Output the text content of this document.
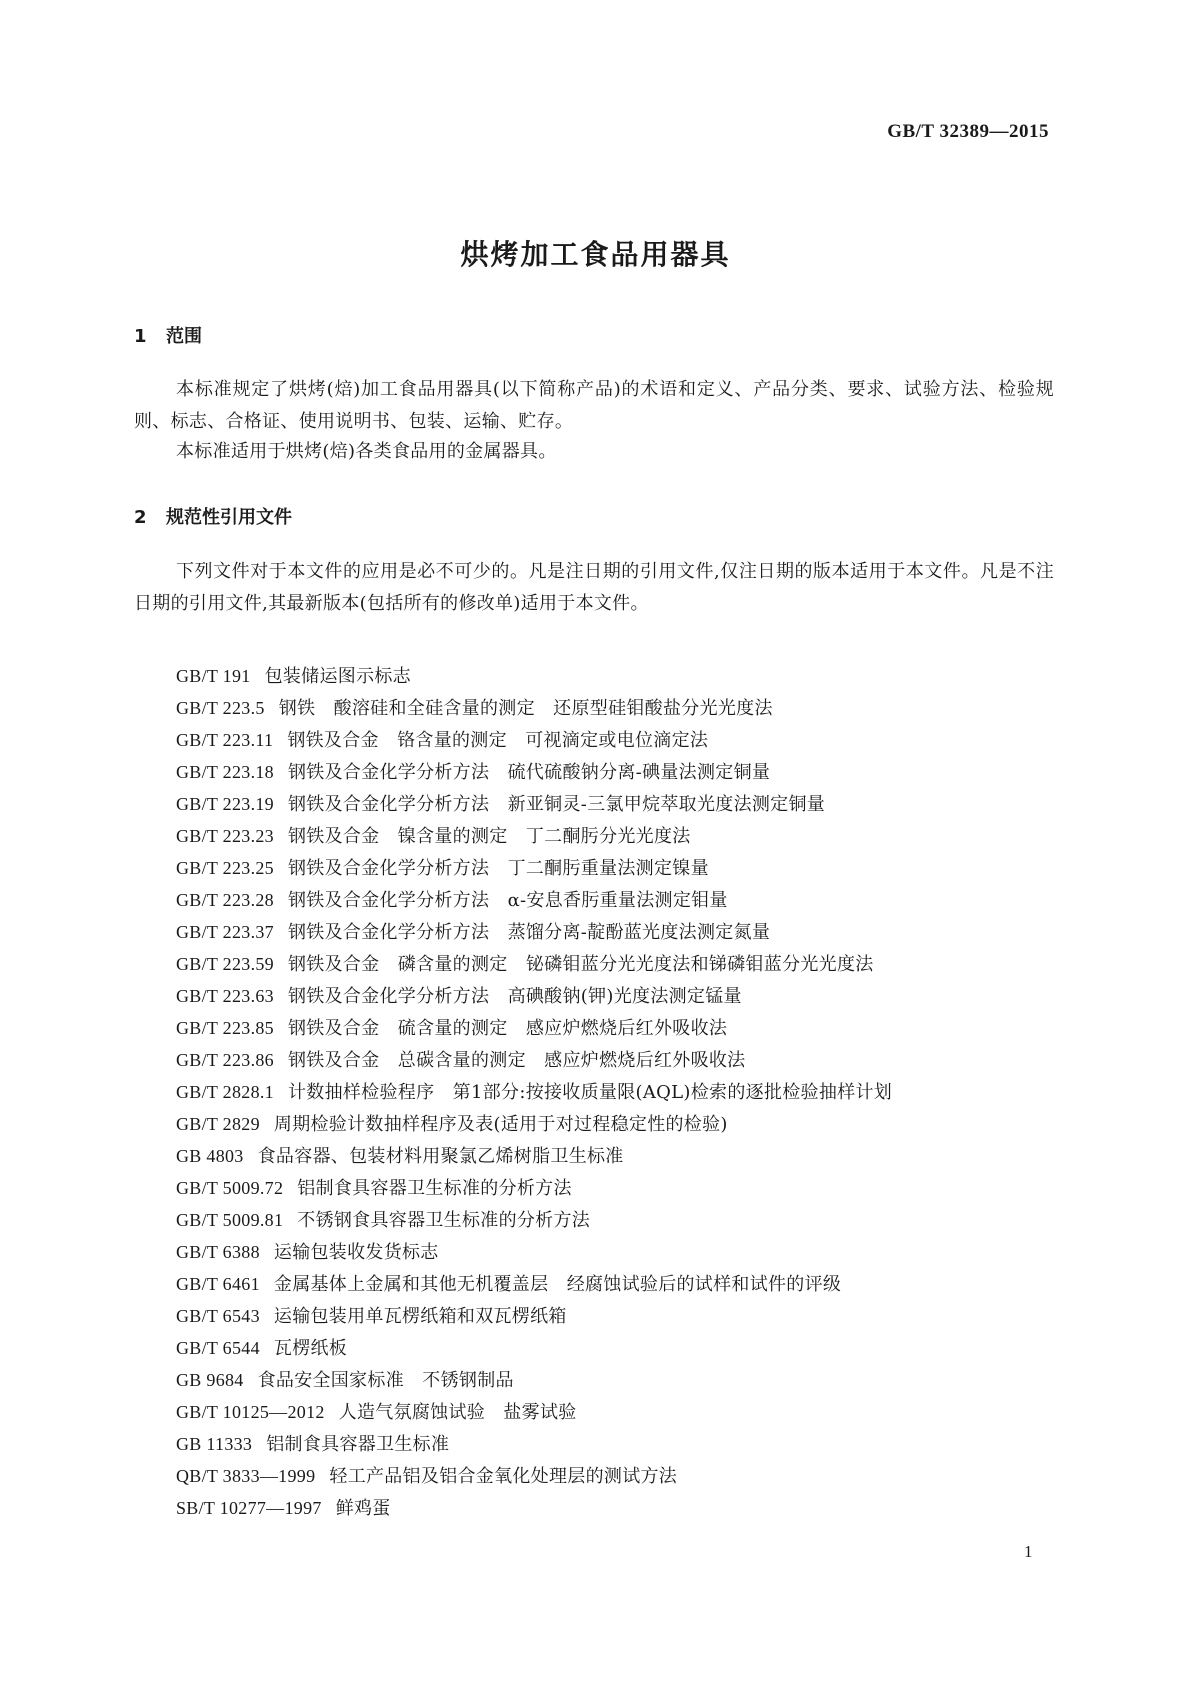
GB/T 32389—2015
烘烤加工食品用器具
1 范围
本标准规定了烘烤(焙)加工食品用器具(以下简称产品)的术语和定义、产品分类、要求、试验方法、检验规则、标志、合格证、使用说明书、包装、运输、贮存。
本标准适用于烘烤(焙)各类食品用的金属器具。
2 规范性引用文件
下列文件对于本文件的应用是必不可少的。凡是注日期的引用文件,仅注日期的版本适用于本文件。凡是不注日期的引用文件,其最新版本(包括所有的修改单)适用于本文件。
GB/T 191 包装储运图示标志
GB/T 223.5 钢铁　酸溶硅和全硅含量的测定　还原型硅钼酸盐分光光度法
GB/T 223.11 钢铁及合金　铬含量的测定　可视滴定或电位滴定法
GB/T 223.18 钢铁及合金化学分析方法　硫代硫酸钠分离-碘量法测定铜量
GB/T 223.19 钢铁及合金化学分析方法　新亚铜灵-三氯甲烷萃取光度法测定铜量
GB/T 223.23 钢铁及合金　镍含量的测定　丁二酮肟分光光度法
GB/T 223.25 钢铁及合金化学分析方法　丁二酮肟重量法测定镍量
GB/T 223.28 钢铁及合金化学分析方法　α-安息香肟重量法测定钼量
GB/T 223.37 钢铁及合金化学分析方法　蒸馏分离-靛酚蓝光度法测定氮量
GB/T 223.59 钢铁及合金　磷含量的测定　铋磷钼蓝分光光度法和锑磷钼蓝分光光度法
GB/T 223.63 钢铁及合金化学分析方法　高碘酸钠(钾)光度法测定锰量
GB/T 223.85 钢铁及合金　硫含量的测定　感应炉燃烧后红外吸收法
GB/T 223.86 钢铁及合金　总碳含量的测定　感应炉燃烧后红外吸收法
GB/T 2828.1 计数抽样检验程序　第1部分:按接收质量限(AQL)检索的逐批检验抽样计划
GB/T 2829 周期检验计数抽样程序及表(适用于对过程稳定性的检验)
GB 4803 食品容器、包装材料用聚氯乙烯树脂卫生标准
GB/T 5009.72 铝制食具容器卫生标准的分析方法
GB/T 5009.81 不锈钢食具容器卫生标准的分析方法
GB/T 6388 运输包装收发货标志
GB/T 6461 金属基体上金属和其他无机覆盖层　经腐蚀试验后的试样和试件的评级
GB/T 6543 运输包装用单瓦楞纸箱和双瓦楞纸箱
GB/T 6544 瓦楞纸板
GB 9684 食品安全国家标准　不锈钢制品
GB/T 10125—2012 人造气氛腐蚀试验　盐雾试验
GB 11333 铝制食具容器卫生标准
QB/T 3833—1999 轻工产品铝及铝合金氧化处理层的测试方法
SB/T 10277—1997 鲜鸡蛋
1
